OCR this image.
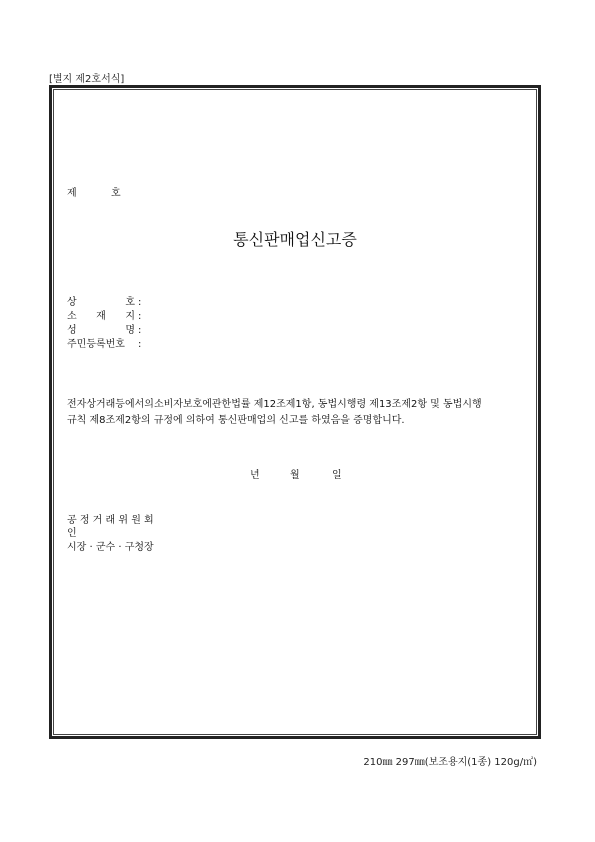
[별지 제2호서식]
제	호
통신판매업신고증
상 호 :
소 재 지 :
성 명 :
주민등록번호 :
전자상거래등에서의소비자보호에관한법률 제12조제1항, 동법시행령 제13조제2항 및 동법시행
규칙 제8조제2항의 규정에 의하여 통신판매업의 신고를 하였음을 증명합니다.
년	월	일
공 정 거 래 위 원 회
인
시장 · 군수 · 구청장
210㎜ 297㎜(보조용지(1종) 120g/㎡)
